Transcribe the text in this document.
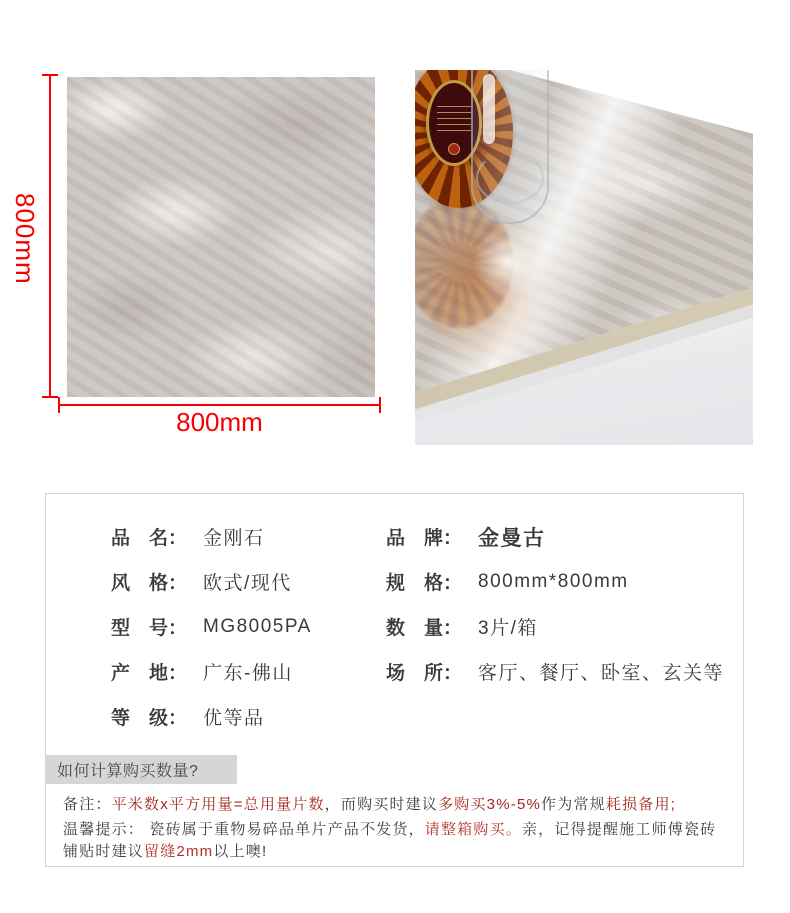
800mm
800mm
品　名： 金刚石
风　格： 欧式/现代
型　号： MG8005PA
产　地： 广东-佛山
等　级： 优等品
品　牌： 金曼古
规　格： 800mm*800mm
数　量： 3片/箱
场　所： 客厅、餐厅、卧室、玄关等
如何计算购买数量?

备注：平米数x平方用量=总用量片数，而购买时建议多购买3%-5%作为常规耗损备用;

温馨提示： 瓷砖属于重物易碎品单片产品不发货，请整箱购买。亲，记得提醒施工师傅瓷砖铺贴时建议留缝2mm以上噢!
